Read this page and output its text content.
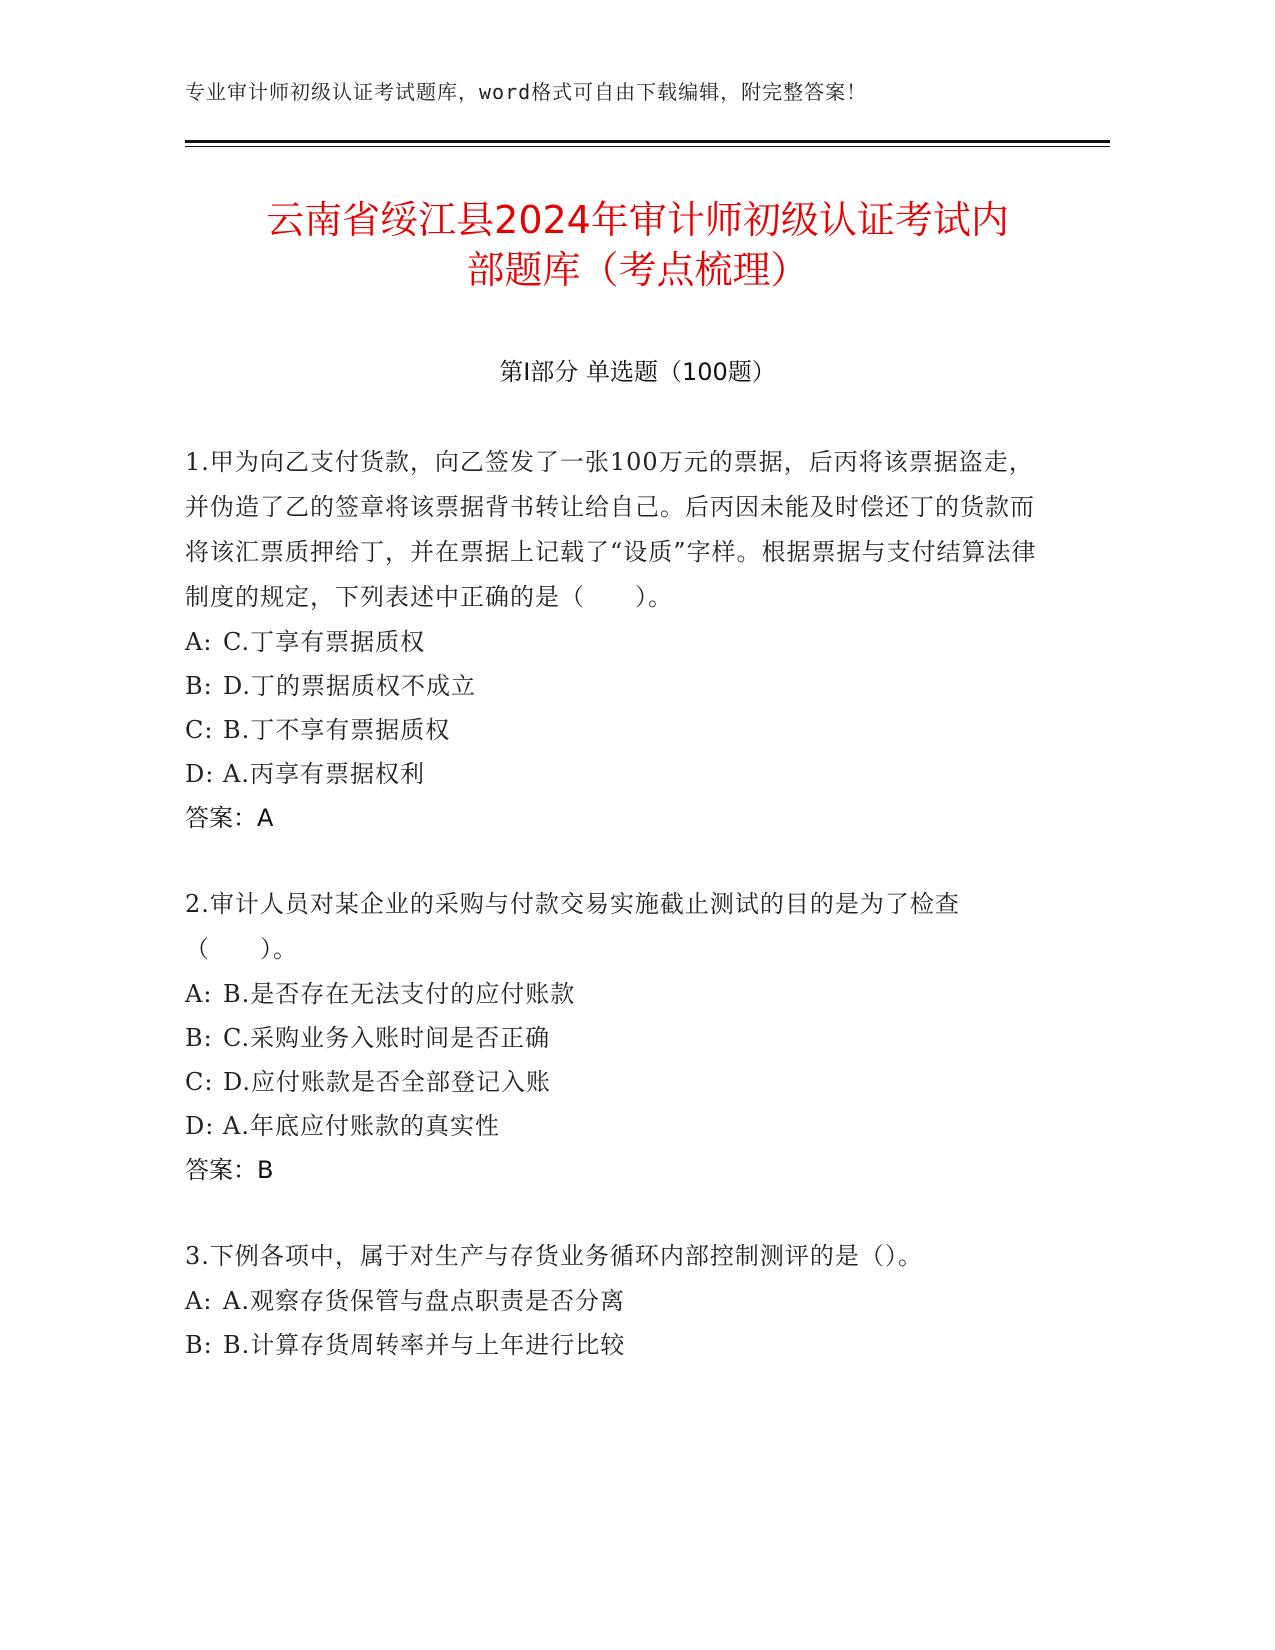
专业审计师初级认证考试题库，word格式可自由下载编辑，附完整答案！
云南省绥江县2024年审计师初级认证考试内
部题库（考点梳理）
第Ⅰ部分 单选题（100题）

1.甲为向乙支付货款，向乙签发了一张100万元的票据，后丙将该票据盗走，并伪造了乙的签章将该票据背书转让给自己。后丙因未能及时偿还丁的货款而将该汇票质押给丁，并在票据上记载了“设质”字样。根据票据与支付结算法律制度的规定，下列表述中正确的是（　　）。

A: C.丁享有票据质权
B: D.丁的票据质权不成立
C: B.丁不享有票据质权
D: A.丙享有票据权利
答案：A

2.审计人员对某企业的采购与付款交易实施截止测试的目的是为了检查（　　）。

A: B.是否存在无法支付的应付账款
B: C.采购业务入账时间是否正确
C: D.应付账款是否全部登记入账
D: A.年底应付账款的真实性
答案：B

3.下例各项中，属于对生产与存货业务循环内部控制测评的是（）。

A: A.观察存货保管与盘点职责是否分离
B: B.计算存货周转率并与上年进行比较
